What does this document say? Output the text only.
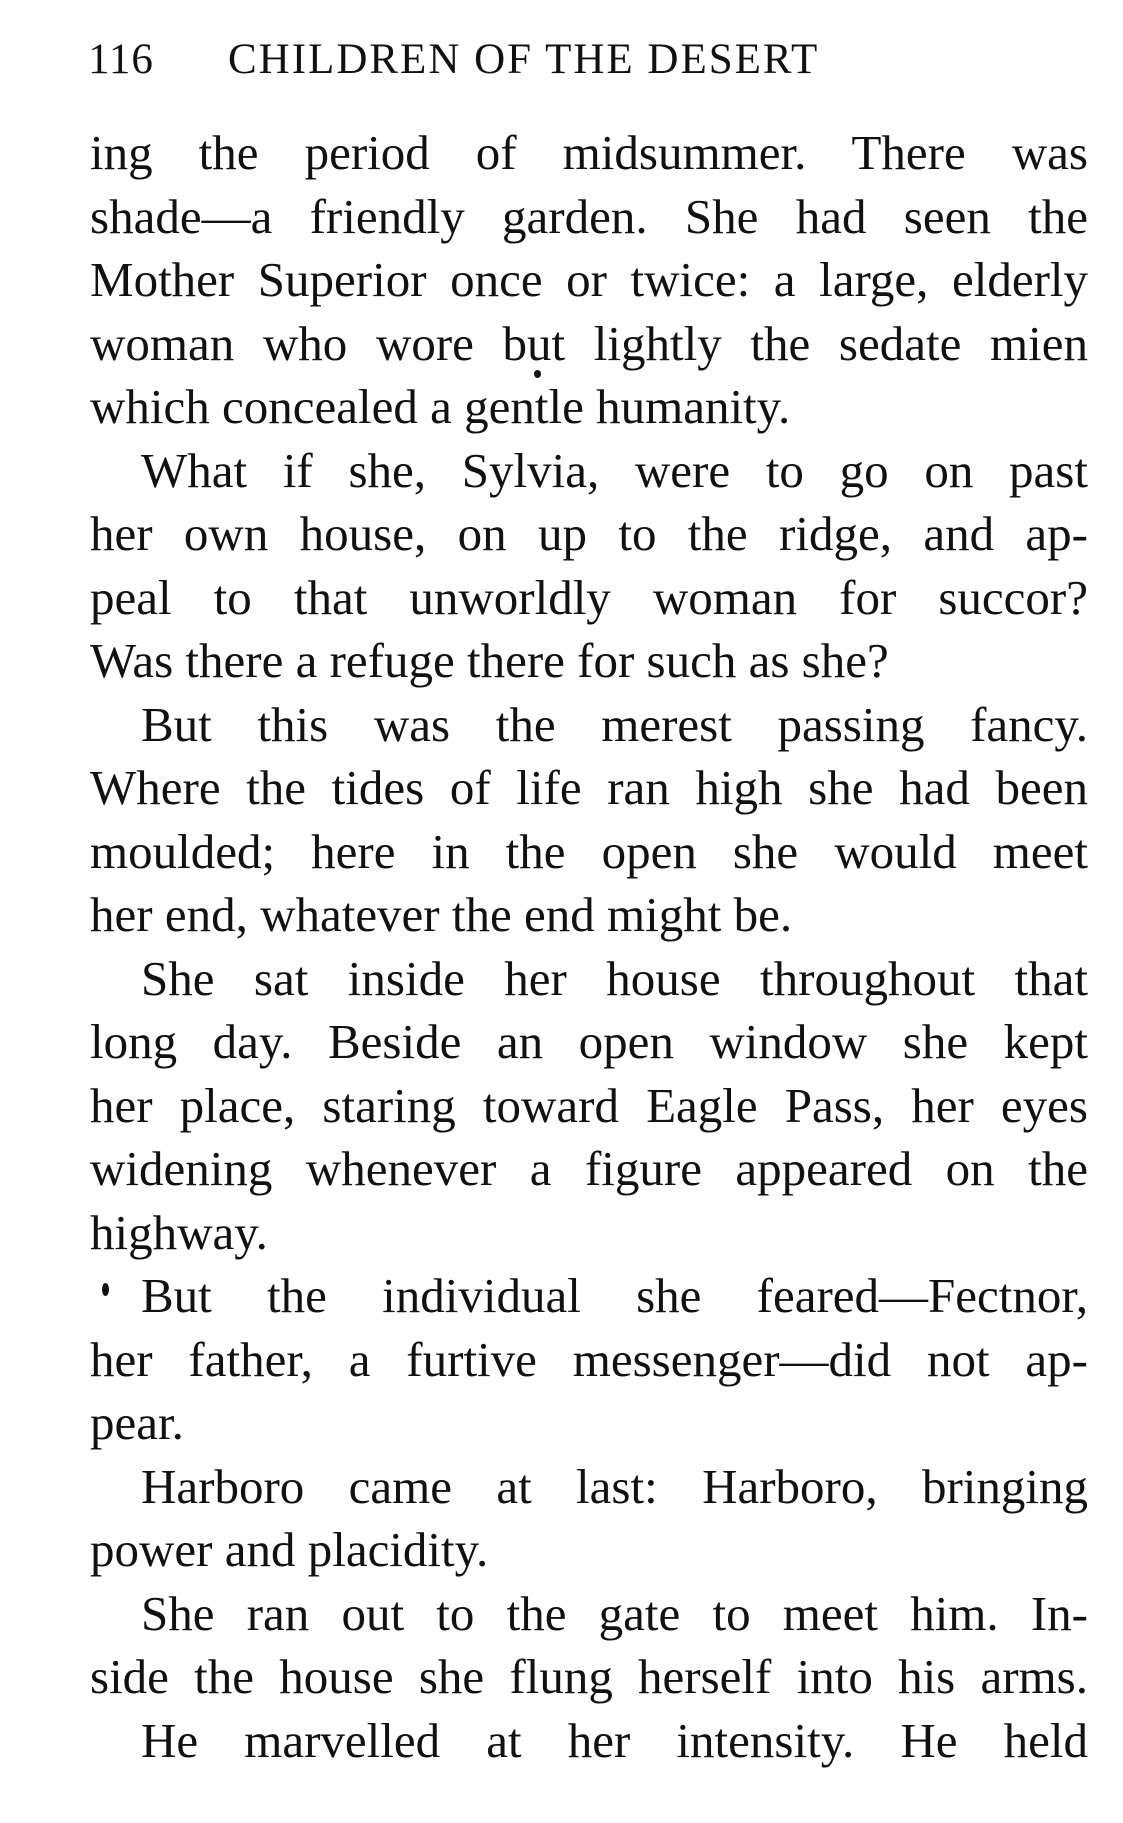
116 CHILDREN OF THE DESERT
ing the period of midsummer. There was
shade—a friendly garden. She had seen the
Mother Superior once or twice: a large, elderly
woman who wore but lightly the sedate mien
which concealed a gentle humanity.
What if she, Sylvia, were to go on past
her own house, on up to the ridge, and ap-
peal to that unworldly woman for succor?
Was there a refuge there for such as she?
But this was the merest passing fancy.
Where the tides of life ran high she had been
moulded; here in the open she would meet
her end, whatever the end might be.
She sat inside her house throughout that
long day. Beside an open window she kept
her place, staring toward Eagle Pass, her eyes
widening whenever a figure appeared on the
highway.
But the individual she feared—Fectnor,
her father, a furtive messenger—did not ap-
pear.
Harboro came at last: Harboro, bringing
power and placidity.
She ran out to the gate to meet him. In-
side the house she flung herself into his arms.
He marvelled at her intensity. He held
